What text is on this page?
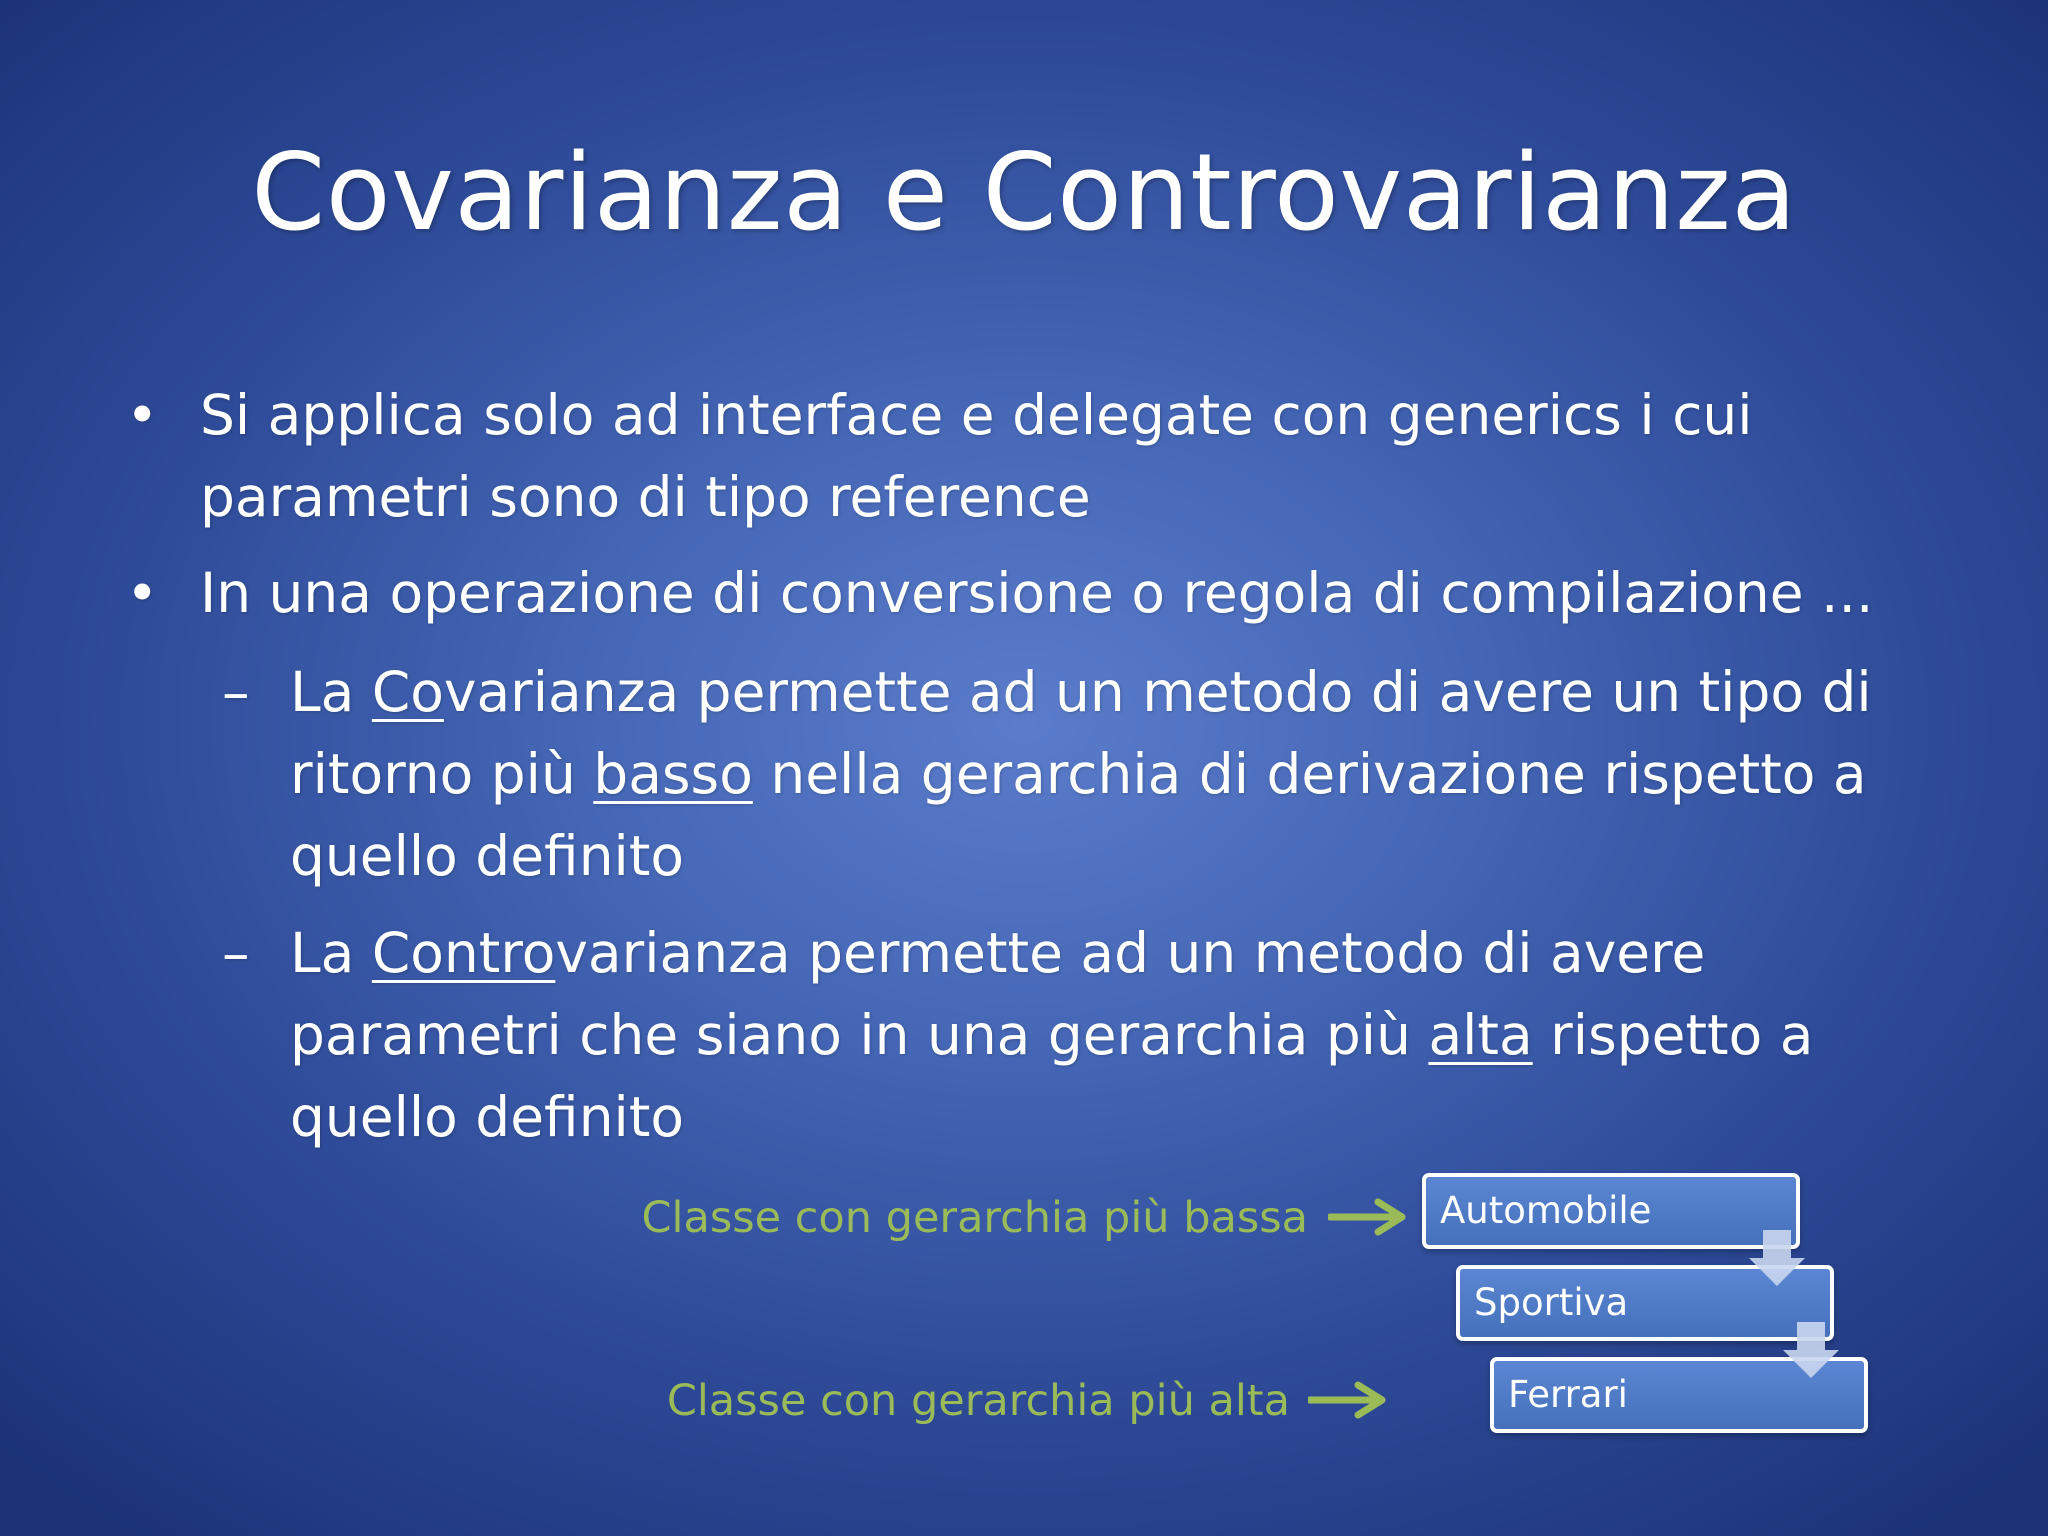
Covarianza e Controvarianza
• Si applica solo ad interface e delegate con generics i cui
parametri sono di tipo reference
• In una operazione di conversione o regola di compilazione ...
– La Covarianza permette ad un metodo di avere un tipo di
ritorno più basso nella gerarchia di derivazione rispetto a
quello definito
– La Controvarianza permette ad un metodo di avere
parametri che siano in una gerarchia più alta rispetto a
quello definito
Classe con gerarchia più bassa
Classe con gerarchia più alta
Automobile
Sportiva
Ferrari
